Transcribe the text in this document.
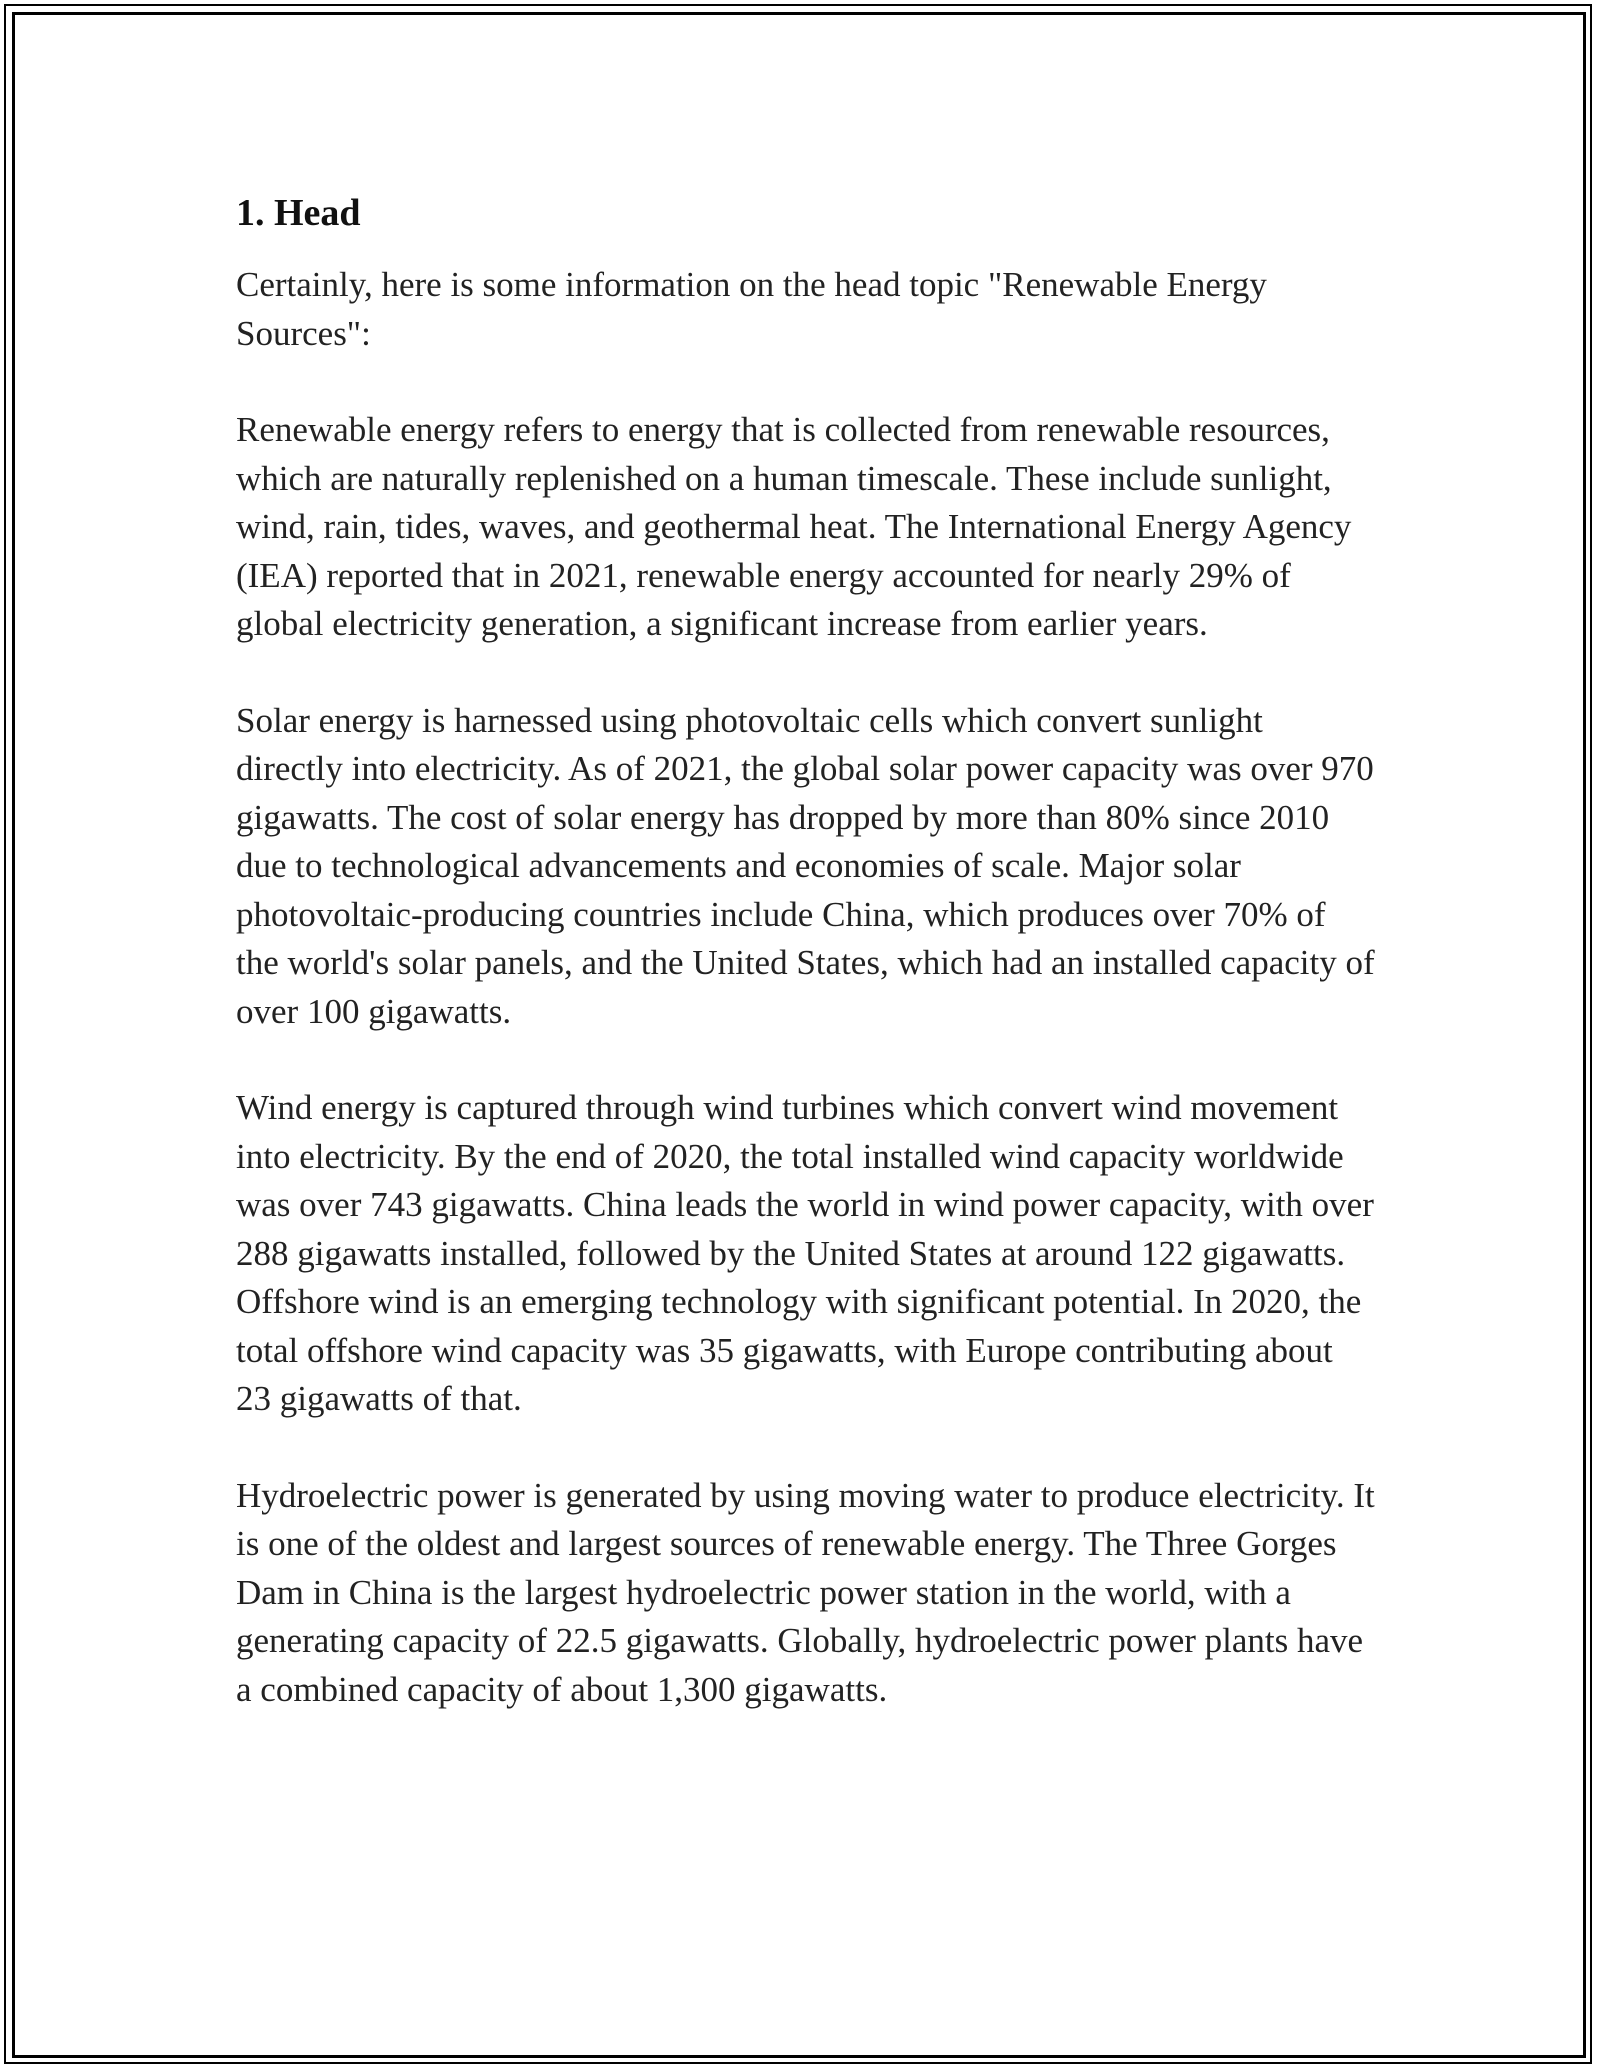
1. Head

Certainly, here is some information on the head topic "Renewable Energy Sources":

Renewable energy refers to energy that is collected from renewable resources, which are naturally replenished on a human timescale. These include sunlight, wind, rain, tides, waves, and geothermal heat. The International Energy Agency (IEA) reported that in 2021, renewable energy accounted for nearly 29% of global electricity generation, a significant increase from earlier years.

Solar energy is harnessed using photovoltaic cells which convert sunlight directly into electricity. As of 2021, the global solar power capacity was over 970 gigawatts. The cost of solar energy has dropped by more than 80% since 2010 due to technological advancements and economies of scale. Major solar photovoltaic-producing countries include China, which produces over 70% of the world's solar panels, and the United States, which had an installed capacity of over 100 gigawatts.

Wind energy is captured through wind turbines which convert wind movement into electricity. By the end of 2020, the total installed wind capacity worldwide was over 743 gigawatts. China leads the world in wind power capacity, with over 288 gigawatts installed, followed by the United States at around 122 gigawatts. Offshore wind is an emerging technology with significant potential. In 2020, the total offshore wind capacity was 35 gigawatts, with Europe contributing about 23 gigawatts of that.

Hydroelectric power is generated by using moving water to produce electricity. It is one of the oldest and largest sources of renewable energy. The Three Gorges Dam in China is the largest hydroelectric power station in the world, with a generating capacity of 22.5 gigawatts. Globally, hydroelectric power plants have a combined capacity of about 1,300 gigawatts.
